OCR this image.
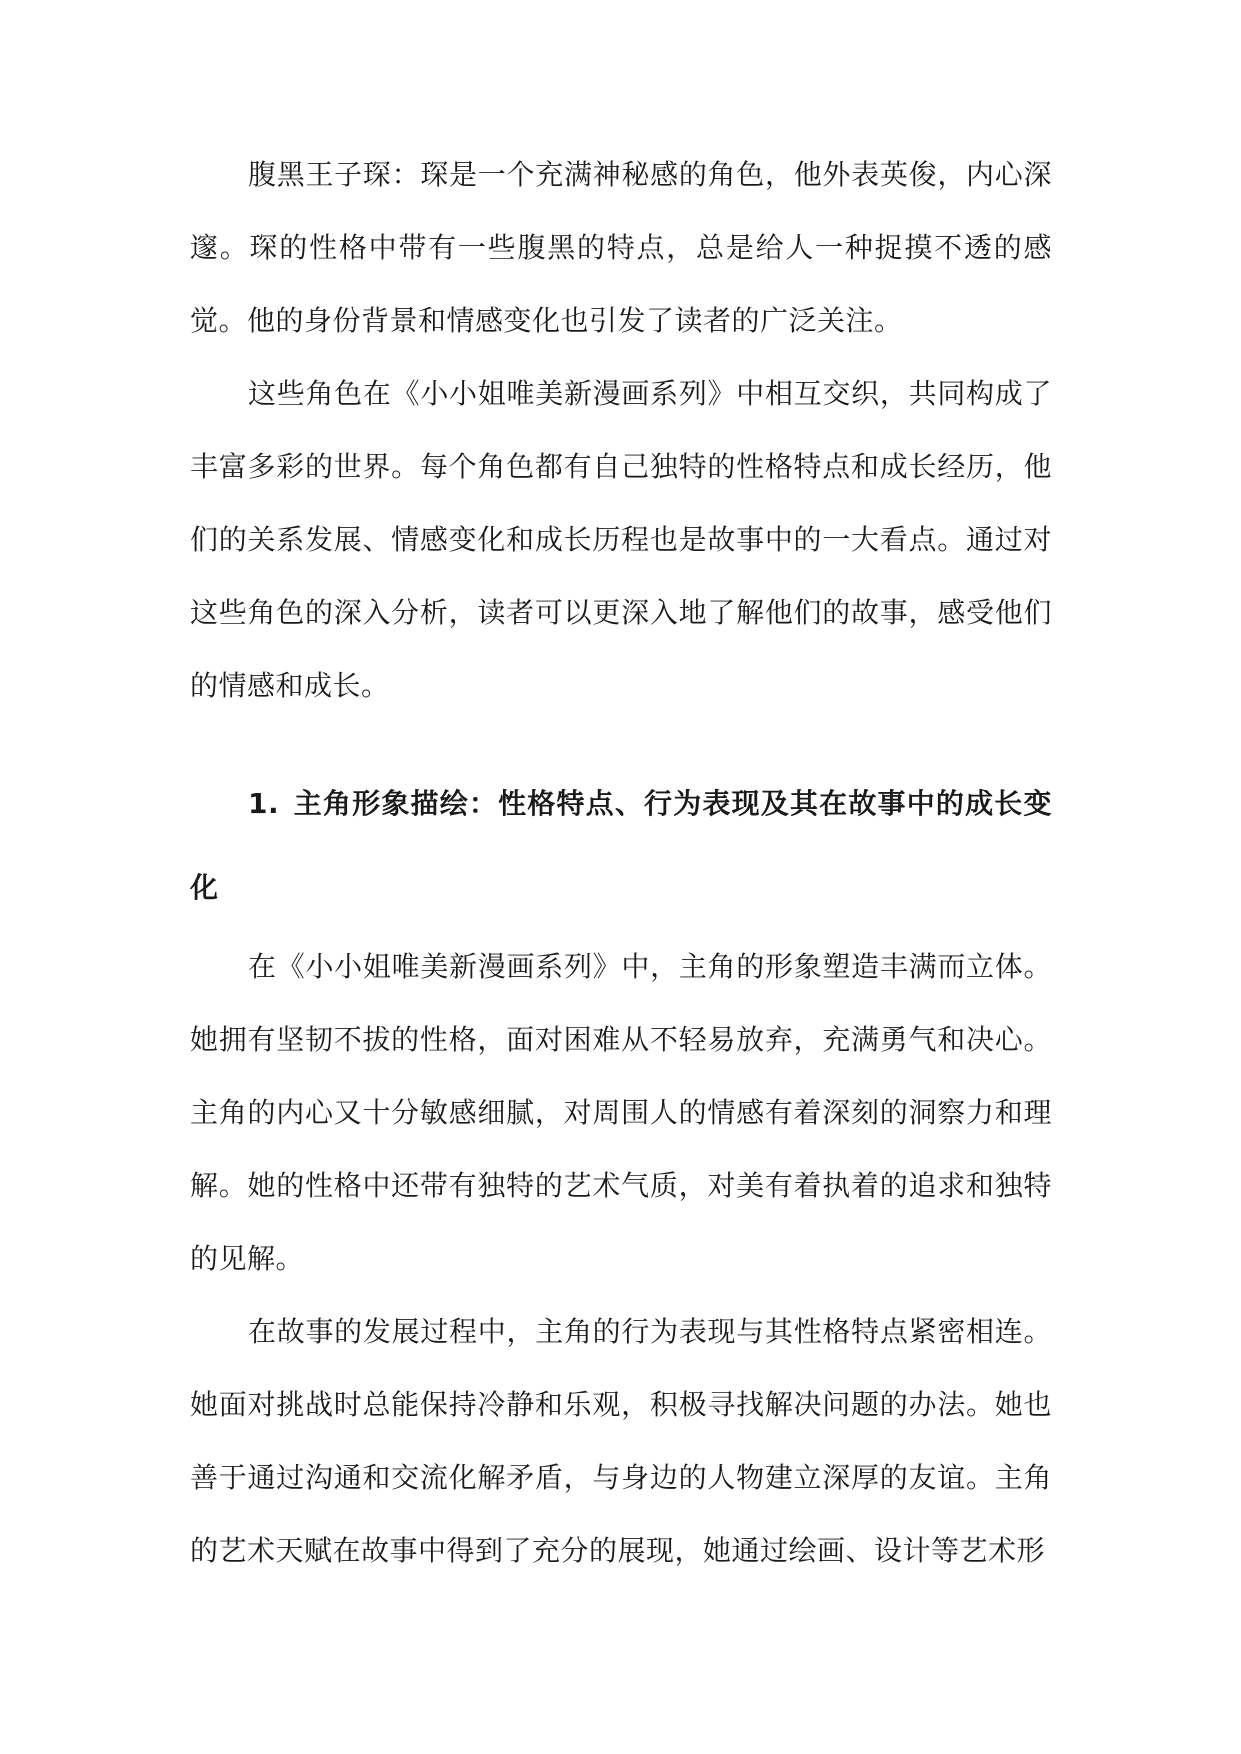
腹黑王子琛：琛是一个充满神秘感的角色，他外表英俊，内心深邃。琛的性格中带有一些腹黑的特点，总是给人一种捉摸不透的感觉。他的身份背景和情感变化也引发了读者的广泛关注。

这些角色在《小小姐唯美新漫画系列》中相互交织，共同构成了丰富多彩的世界。每个角色都有自己独特的性格特点和成长经历，他们的关系发展、情感变化和成长历程也是故事中的一大看点。通过对这些角色的深入分析，读者可以更深入地了解他们的故事，感受他们的情感和成长。

1. 主角形象描绘：性格特点、行为表现及其在故事中的成长变化

在《小小姐唯美新漫画系列》中，主角的形象塑造丰满而立体。她拥有坚韧不拔的性格，面对困难从不轻易放弃，充满勇气和决心。主角的内心又十分敏感细腻，对周围人的情感有着深刻的洞察力和理解。她的性格中还带有独特的艺术气质，对美有着执着的追求和独特的见解。

在故事的发展过程中，主角的行为表现与其性格特点紧密相连。她面对挑战时总能保持冷静和乐观，积极寻找解决问题的办法。她也善于通过沟通和交流化解矛盾，与身边的人物建立深厚的友谊。主角的艺术天赋在故事中得到了充分的展现，她通过绘画、设计等艺术形
